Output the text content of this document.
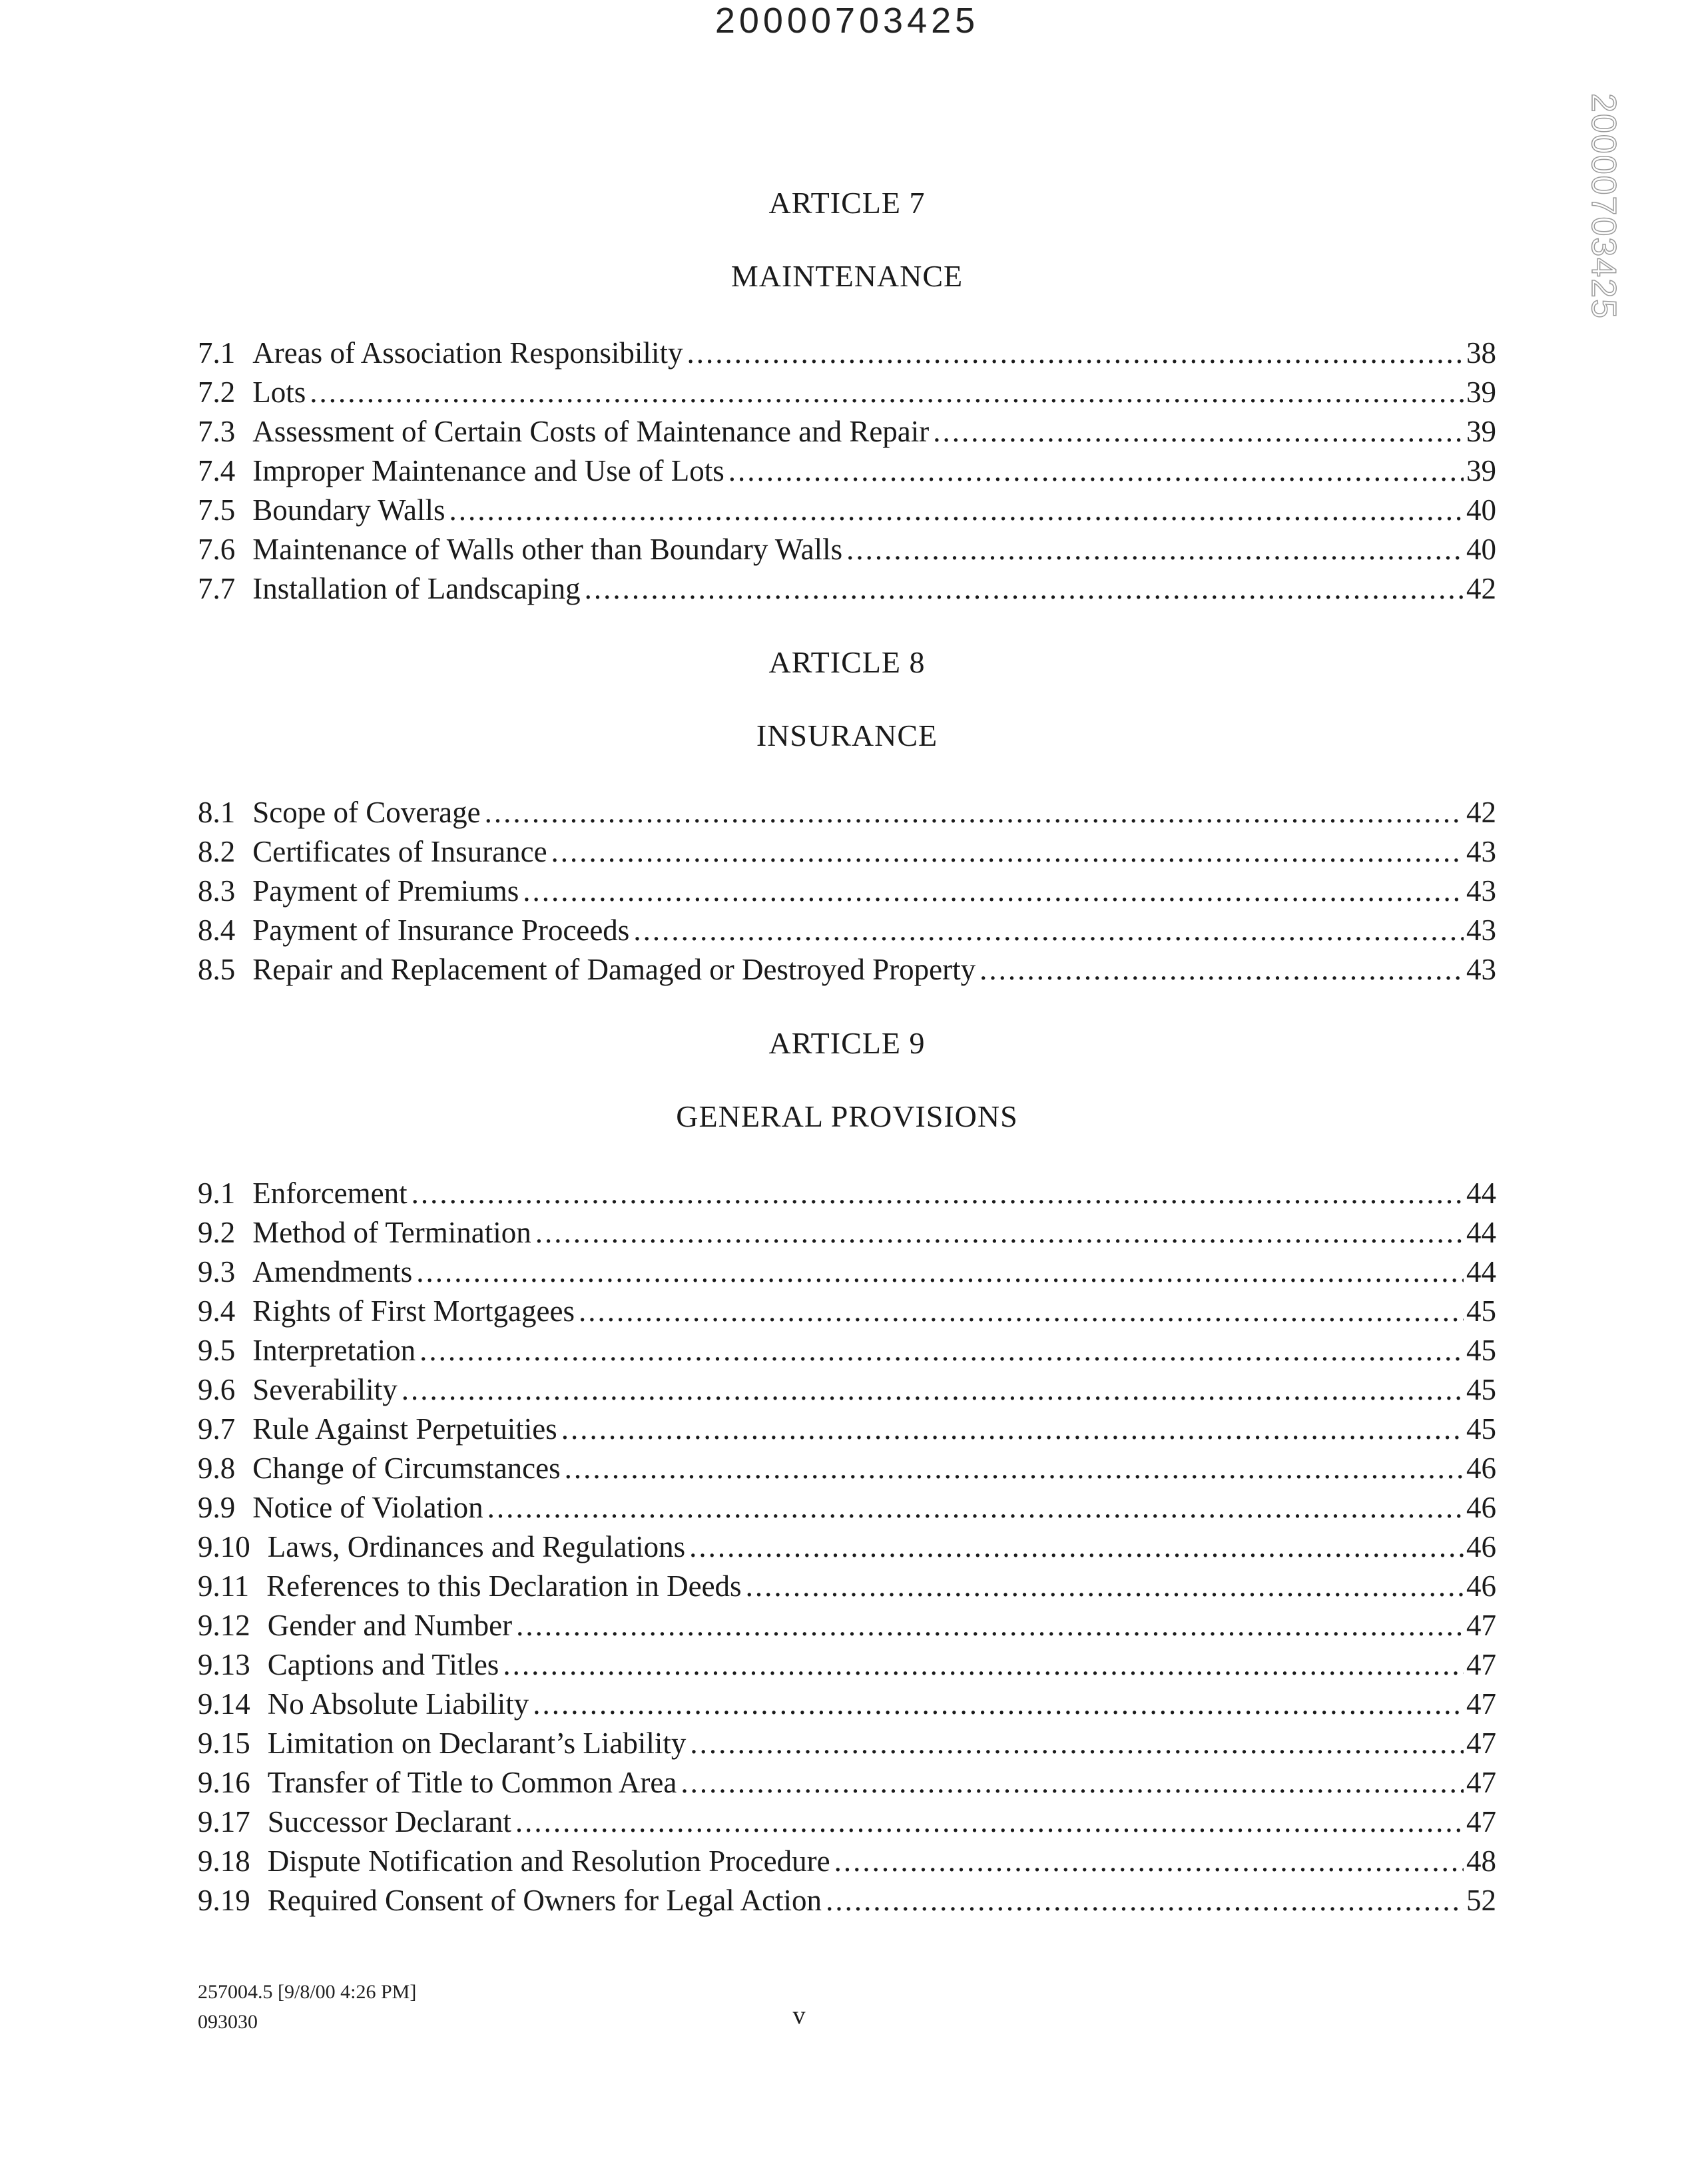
20000703425
20000703425
ARTICLE 7
MAINTENANCE
7.1 Areas of Association Responsibility .....	38
7.2 Lots .....	39
7.3 Assessment of Certain Costs of Maintenance and Repair .....	39
7.4 Improper Maintenance and Use of Lots .....	39
7.5 Boundary Walls .....	40
7.6 Maintenance of Walls other than Boundary Walls .....	40
7.7 Installation of Landscaping .....	42
ARTICLE 8
INSURANCE
8.1 Scope of Coverage .....	42
8.2 Certificates of Insurance .....	43
8.3 Payment of Premiums .....	43
8.4 Payment of Insurance Proceeds .....	43
8.5 Repair and Replacement of Damaged or Destroyed Property .....	43
ARTICLE 9
GENERAL PROVISIONS
9.1 Enforcement .....	44
9.2 Method of Termination .....	44
9.3 Amendments .....	44
9.4 Rights of First Mortgagees .....	45
9.5 Interpretation .....	45
9.6 Severability .....	45
9.7 Rule Against Perpetuities .....	45
9.8 Change of Circumstances .....	46
9.9 Notice of Violation .....	46
9.10 Laws, Ordinances and Regulations .....	46
9.11 References to this Declaration in Deeds .....	46
9.12 Gender and Number .....	47
9.13 Captions and Titles .....	47
9.14 No Absolute Liability .....	47
9.15 Limitation on Declarant’s Liability .....	47
9.16 Transfer of Title to Common Area .....	47
9.17 Successor Declarant .....	47
9.18 Dispute Notification and Resolution Procedure .....	48
9.19 Required Consent of Owners for Legal Action .....	52
257004.5 [9/8/00 4:26 PM]
093030	v
